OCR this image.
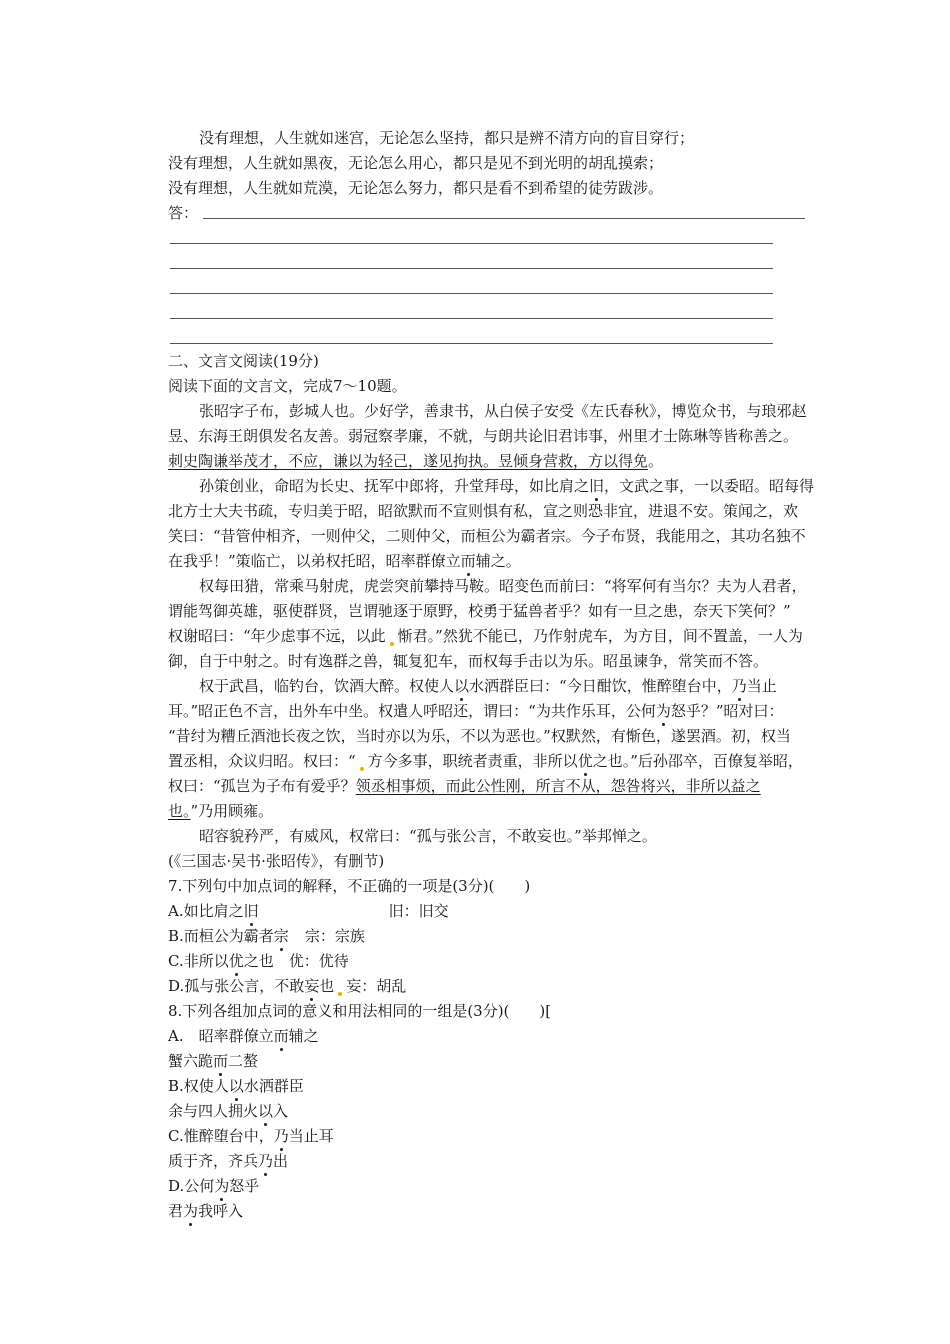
没有理想，人生就如迷宫，无论怎么坚持，都只是辨不清方向的盲目穿行；
没有理想，人生就如黑夜，无论怎么用心，都只是见不到光明的胡乱摸索；
没有理想，人生就如荒漠，无论怎么努力，都只是看不到希望的徒劳跋涉。
答：
二、文言文阅读(19分)
阅读下面的文言文，完成7～10题。
张昭字子布，彭城人也。少好学，善隶书，从白侯子安受《左氏春秋》，博览众书，与琅邪赵
昱、东海王朗俱发名友善。弱冠察孝廉，不就，与朗共论旧君讳事，州里才士陈琳等皆称善之。
刺史陶谦举茂才，不应，谦以为轻己，遂见拘执。昱倾身营救，方以得免。
孙策创业，命昭为长史、抚军中郎将，升堂拜母，如比肩之旧，文武之事，一以委昭。昭每得
北方士大夫书疏，专归美于昭，昭欲默而不宣则惧有私，宣之则恐非宜，进退不安。策闻之，欢
笑曰：“昔管仲相齐，一则仲父，二则仲父，而桓公为霸者宗。今子布贤，我能用之，其功名独不
在我乎！”策临亡，以弟权托昭，昭率群僚立而辅之。
权每田猎，常乘马射虎，虎尝突前攀持马鞍。昭变色而前曰：“将军何有当尔？夫为人君者，
谓能驾御英雄，驱使群贤，岂谓驰逐于原野，校勇于猛兽者乎？如有一旦之患，奈天下笑何？”
权谢昭曰：“年少虑事不远，以此 惭君。”然犹不能已，乃作射虎车，为方目，间不置盖，一人为
御，自于中射之。时有逸群之兽，辄复犯车，而权每手击以为乐。昭虽谏争，常笑而不答。
权于武昌，临钓台，饮酒大醉。权使人以水洒群臣曰：“今日酣饮，惟醉堕台中，乃当止
耳。”昭正色不言，出外车中坐。权遣人呼昭还，谓曰：“为共作乐耳，公何为怒乎？”昭对曰：
“昔纣为糟丘酒池长夜之饮，当时亦以为乐，不以为恶也。”权默然，有惭色，遂罢酒。初，权当
置丞相，众议归昭。权曰：“ 方今多事，职统者责重，非所以优之也。”后孙邵卒，百僚复举昭，
权曰：“孤岂为子布有爱乎？领丞相事烦，而此公性刚，所言不从，怨咎将兴，非所以益之
也。”乃用顾雍。
昭容貌矜严，有威风，权常曰：“孤与张公言，不敢妄也。”举邦惮之。
(《三国志·吴书·张昭传》，有删节)
7.下列句中加点词的解释，不正确的一项是(3分)(　　)
A.如比肩之旧	旧：旧交
B.而桓公为霸者宗 宗：宗族
C.非所以优之也　优：优待
D.孤与张公言，不敢妄也 妄：胡乱
8.下列各组加点词的意义和用法相同的一组是(3分)(　　)[
A.　昭率群僚立而辅之
蟹六跪而二螯
B.权使人以水洒群臣
余与四人拥火以入
C.惟醉堕台中，乃当止耳
质于齐，齐兵乃出
D.公何为怒乎
君为我呼入
